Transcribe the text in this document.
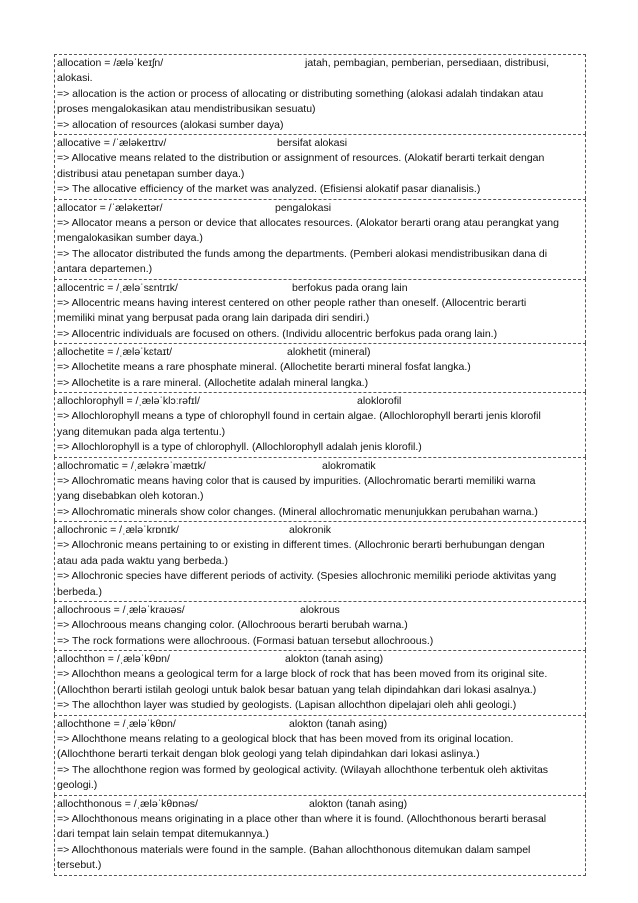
allocation = /ælәˈkeɪʃn/	jatah, pembagian, pemberian, persediaan, distribusi,
alokasi.
=> allocation is the action or process of allocating or distributing something (alokasi adalah tindakan atau
proses mengalokasikan atau mendistribusikan sesuatu)
=> allocation of resources (alokasi sumber daya)
allocative = /ˈælәkeɪtɪv/	bersifat alokasi
=> Allocative means related to the distribution or assignment of resources. (Alokatif berarti terkait dengan
distribusi atau penetapan sumber daya.)
=> The allocative efficiency of the market was analyzed. (Efisiensi alokatif pasar dianalisis.)
allocator = /ˈælәkeɪtәr/	pengalokasi
=> Allocator means a person or device that allocates resources. (Alokator berarti orang atau perangkat yang
mengalokasikan sumber daya.)
=> The allocator distributed the funds among the departments. (Pemberi alokasi mendistribusikan dana di
antara departemen.)
allocentric = /ˌælәˈsɛntrɪk/	berfokus pada orang lain
=> Allocentric means having interest centered on other people rather than oneself. (Allocentric berarti
memiliki minat yang berpusat pada orang lain daripada diri sendiri.)
=> Allocentric individuals are focused on others. (Individu allocentric berfokus pada orang lain.)
allochetite = /ˌælәˈkɛtaɪt/	alokhetit (mineral)
=> Allochetite means a rare phosphate mineral. (Allochetite berarti mineral fosfat langka.)
=> Allochetite is a rare mineral. (Allochetite adalah mineral langka.)
allochlorophyll = /ˌæləˈklɔːrəfɪl/	aloklorofil
=> Allochlorophyll means a type of chlorophyll found in certain algae. (Allochlorophyll berarti jenis klorofil
yang ditemukan pada alga tertentu.)
=> Allochlorophyll is a type of chlorophyll. (Allochlorophyll adalah jenis klorofil.)
allochromatic = /ˌæləkrəˈmætɪk/	alokromatik
=> Allochromatic means having color that is caused by impurities. (Allochromatic berarti memiliki warna
yang disebabkan oleh kotoran.)
=> Allochromatic minerals show color changes. (Mineral allochromatic menunjukkan perubahan warna.)
allochronic = /ˌæləˈkrɒnɪk/	alokronik
=> Allochronic means pertaining to or existing in different times. (Allochronic berarti berhubungan dengan
atau ada pada waktu yang berbeda.)
=> Allochronic species have different periods of activity. (Spesies allochronic memiliki periode aktivitas yang
berbeda.)
allochroous = /ˌæləˈkraʊəs/	alokrous
=> Allochroous means changing color. (Allochroous berarti berubah warna.)
=> The rock formations were allochroous. (Formasi batuan tersebut allochroous.)
allochthon = /ˌæləˈkθɒn/	alokton (tanah asing)
=> Allochthon means a geological term for a large block of rock that has been moved from its original site.
(Allochthon berarti istilah geologi untuk balok besar batuan yang telah dipindahkan dari lokasi asalnya.)
=> The allochthon layer was studied by geologists. (Lapisan allochthon dipelajari oleh ahli geologi.)
allochthone = /ˌæləˈkθɒn/	alokton (tanah asing)
=> Allochthone means relating to a geological block that has been moved from its original location.
(Allochthone berarti terkait dengan blok geologi yang telah dipindahkan dari lokasi aslinya.)
=> The allochthone region was formed by geological activity. (Wilayah allochthone terbentuk oleh aktivitas
geologi.)
allochthonous = /ˌæləˈkθɒnəs/	alokton (tanah asing)
=> Allochthonous means originating in a place other than where it is found. (Allochthonous berarti berasal
dari tempat lain selain tempat ditemukannya.)
=> Allochthonous materials were found in the sample. (Bahan allochthonous ditemukan dalam sampel
tersebut.)
